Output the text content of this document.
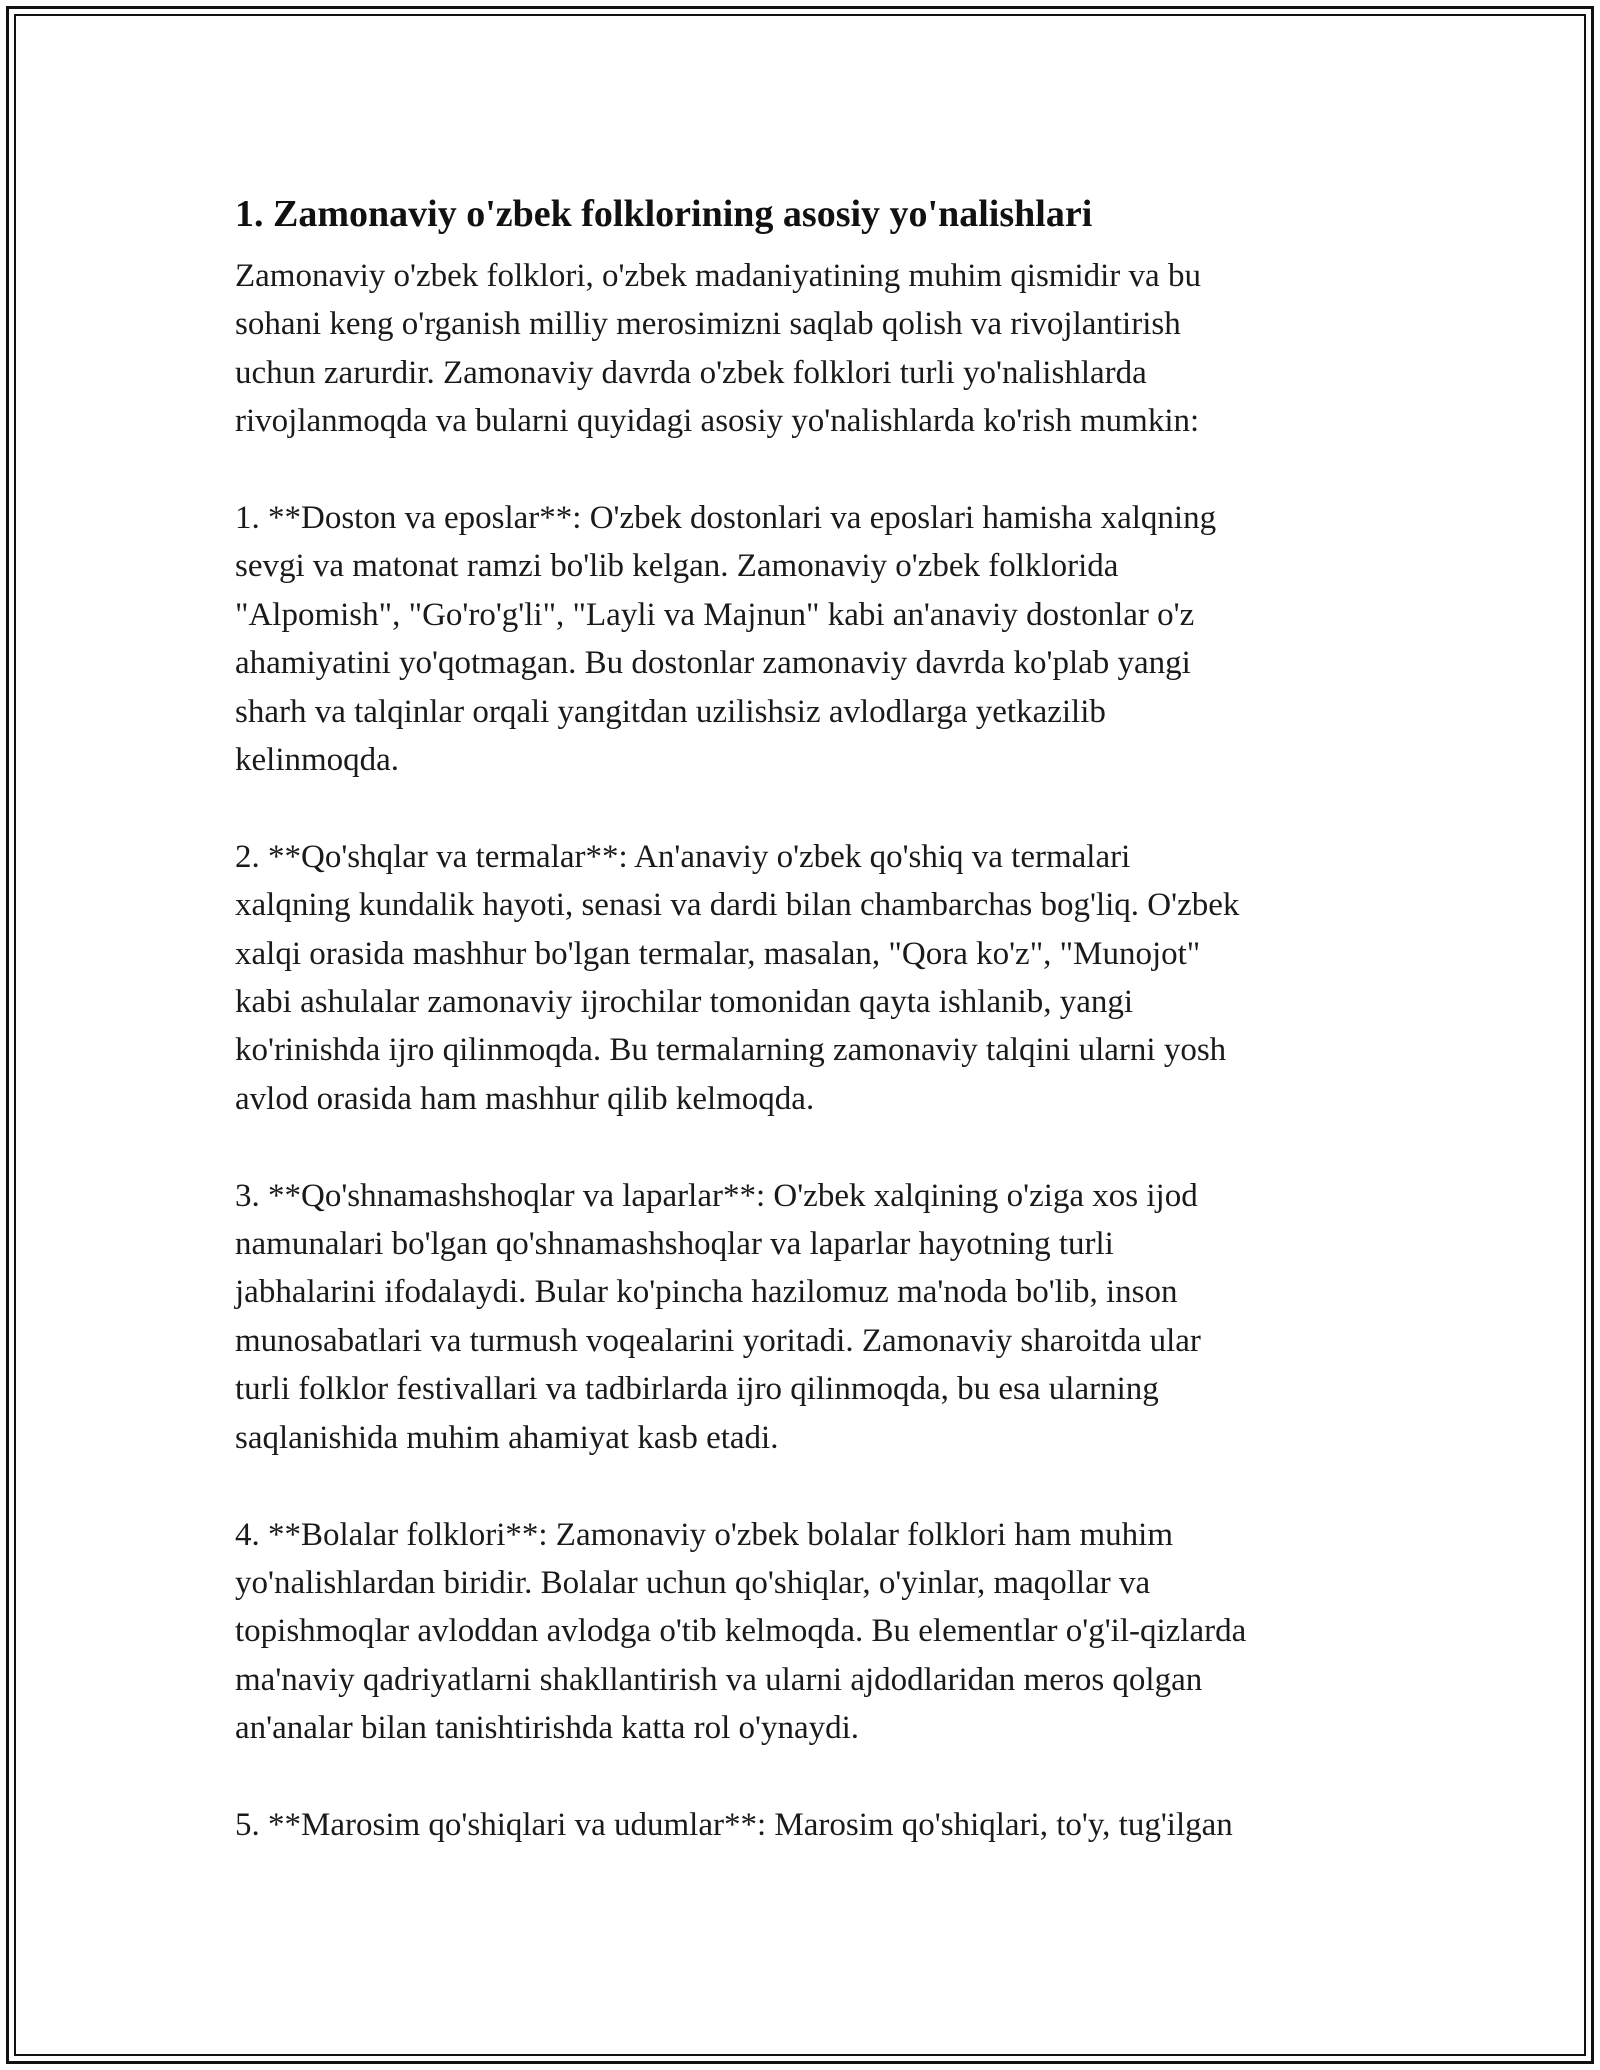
1. Zamonaviy o'zbek folklorining asosiy yo'nalishlari

Zamonaviy o'zbek folklori, o'zbek madaniyatining muhim qismidir va bu
sohani keng o'rganish milliy merosimizni saqlab qolish va rivojlantirish
uchun zarurdir. Zamonaviy davrda o'zbek folklori turli yo'nalishlarda
rivojlanmoqda va bularni quyidagi asosiy yo'nalishlarda ko'rish mumkin:

1. **Doston va eposlar**: O'zbek dostonlari va eposlari hamisha xalqning
sevgi va matonat ramzi bo'lib kelgan. Zamonaviy o'zbek folklorida
"Alpomish", "Go'ro'g'li", "Layli va Majnun" kabi an'anaviy dostonlar o'z
ahamiyatini yo'qotmagan. Bu dostonlar zamonaviy davrda ko'plab yangi
sharh va talqinlar orqali yangitdan uzilishsiz avlodlarga yetkazilib
kelinmoqda.

2. **Qo'shqlar va termalar**: An'anaviy o'zbek qo'shiq va termalari
xalqning kundalik hayoti, senasi va dardi bilan chambarchas bog'liq. O'zbek
xalqi orasida mashhur bo'lgan termalar, masalan, "Qora ko'z", "Munojot"
kabi ashulalar zamonaviy ijrochilar tomonidan qayta ishlanib, yangi
ko'rinishda ijro qilinmoqda. Bu termalarning zamonaviy talqini ularni yosh
avlod orasida ham mashhur qilib kelmoqda.

3. **Qo'shnamashshoqlar va laparlar**: O'zbek xalqining o'ziga xos ijod
namunalari bo'lgan qo'shnamashshoqlar va laparlar hayotning turli
jabhalarini ifodalaydi. Bular ko'pincha hazilomuz ma'noda bo'lib, inson
munosabatlari va turmush voqealarini yoritadi. Zamonaviy sharoitda ular
turli folklor festivallari va tadbirlarda ijro qilinmoqda, bu esa ularning
saqlanishida muhim ahamiyat kasb etadi.

4. **Bolalar folklori**: Zamonaviy o'zbek bolalar folklori ham muhim
yo'nalishlardan biridir. Bolalar uchun qo'shiqlar, o'yinlar, maqollar va
topishmoqlar avloddan avlodga o'tib kelmoqda. Bu elementlar o'g'il-qizlarda
ma'naviy qadriyatlarni shakllantirish va ularni ajdodlaridan meros qolgan
an'analar bilan tanishtirishda katta rol o'ynaydi.

5. **Marosim qo'shiqlari va udumlar**: Marosim qo'shiqlari, to'y, tug'ilgan
